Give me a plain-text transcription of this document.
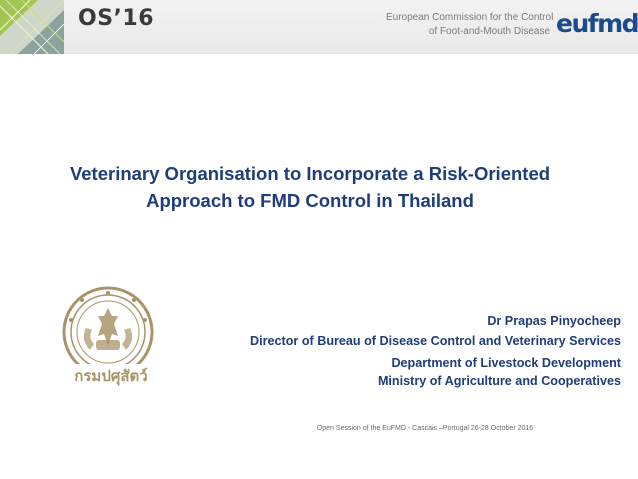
OS’16	European Commission for the Control
of Foot-and-Mouth Disease eufmd
Veterinary Organisation to Incorporate a Risk-Oriented
Approach to FMD Control in Thailand
กรมปศุสัตว์
Dr Prapas Pinyocheep
Director of Bureau of Disease Control and Veterinary Services
Department of Livestock Development
Ministry of Agriculture and Cooperatives
Open Session of the EuFMD - Cascais –Portugal 26-28 October 2016
